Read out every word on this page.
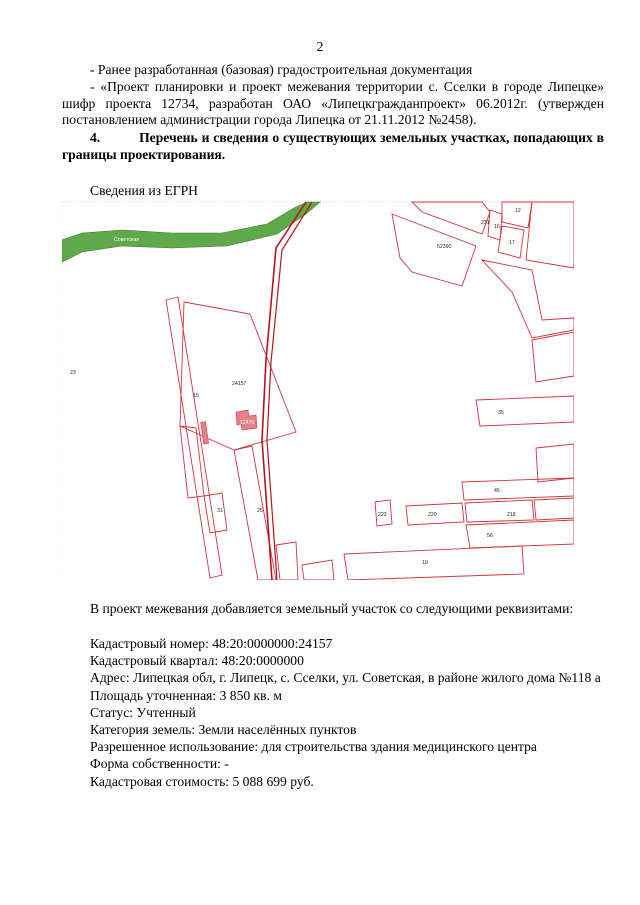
2
- Ранее разработанная (базовая) градостроительная документация
- «Проект планировки и проект межевания территории с. Сселки в городе Липецке» шифр проекта 12734, разработан ОАО «Липецкгражданпроект» 06.2012г. (утвержден постановлением администрации города Липецка от 21.11.2012 №2458).
4.	Перечень и сведения о существующих земельных участках, попадающих в границы проектирования.
Сведения из ЕГРН
Советская
23
24157
15
12470
31	25
223	220	218
45
56
19
35
52390
231
12
16
17
В проект межевания добавляется земельный участок со следующими реквизитами:
Кадастровый номер: 48:20:0000000:24157
Кадастровый квартал: 48:20:0000000
Адрес: Липецкая обл, г. Липецк, с. Сселки, ул. Советская, в районе жилого дома №118 а
Площадь уточненная: 3 850 кв. м
Статус: Учтенный
Категория земель: Земли населённых пунктов
Разрешенное использование: для строительства здания медицинского центра
Форма собственности: -
Кадастровая стоимость: 5 088 699 руб.
